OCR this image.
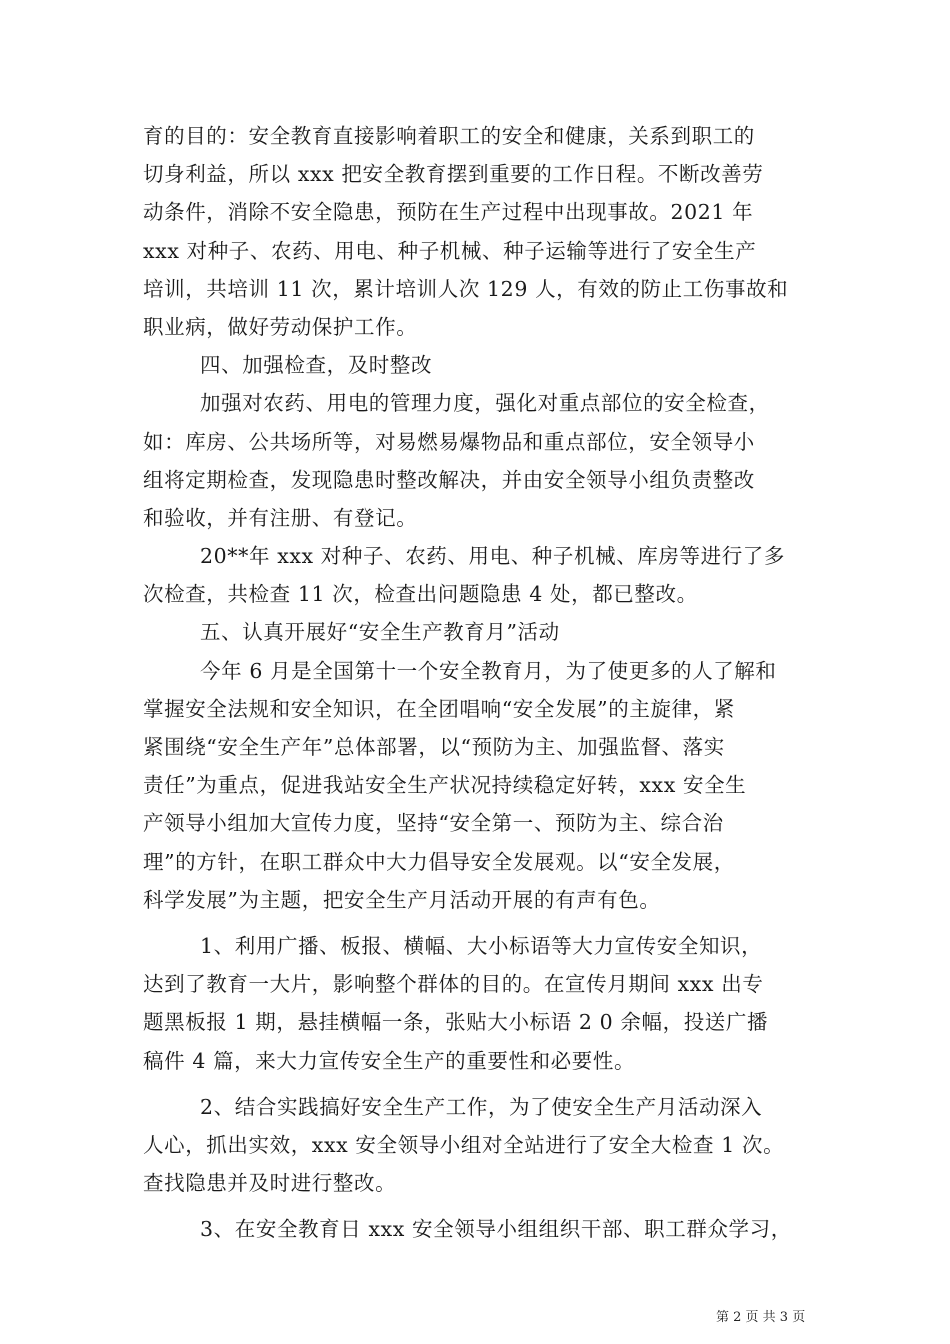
育的目的：安全教育直接影响着职工的安全和健康，关系到职工的
切身利益，所以 xxx 把安全教育摆到重要的工作日程。不断改善劳
动条件，消除不安全隐患，预防在生产过程中出现事故。2021 年
xxx 对种子、农药、用电、种子机械、种子运输等进行了安全生产
培训，共培训 11 次，累计培训人次 129 人，有效的防止工伤事故和
职业病，做好劳动保护工作。
四、加强检查，及时整改
加强对农药、用电的管理力度，强化对重点部位的安全检查，
如：库房、公共场所等，对易燃易爆物品和重点部位，安全领导小
组将定期检查，发现隐患时整改解决，并由安全领导小组负责整改
和验收，并有注册、有登记。
20**年 xxx 对种子、农药、用电、种子机械、库房等进行了多
次检查，共检查 11 次，检查出问题隐患 4 处，都已整改。
五、认真开展好“安全生产教育月”活动
今年 6 月是全国第十一个安全教育月，为了使更多的人了解和
掌握安全法规和安全知识，在全团唱响“安全发展”的主旋律，紧
紧围绕“安全生产年”总体部署，以“预防为主、加强监督、落实
责任”为重点，促进我站安全生产状况持续稳定好转，xxx 安全生
产领导小组加大宣传力度，坚持“安全第一、预防为主、综合治
理”的方针，在职工群众中大力倡导安全发展观。以“安全发展，
科学发展”为主题，把安全生产月活动开展的有声有色。
1、利用广播、板报、横幅、大小标语等大力宣传安全知识，
达到了教育一大片，影响整个群体的目的。在宣传月期间 xxx 出专
题黑板报 1 期，悬挂横幅一条，张贴大小标语 2 0 余幅，投送广播
稿件 4 篇，来大力宣传安全生产的重要性和必要性。
2、结合实践搞好安全生产工作，为了使安全生产月活动深入
人心，抓出实效，xxx 安全领导小组对全站进行了安全大检查 1 次。
查找隐患并及时进行整改。
3、在安全教育日 xxx 安全领导小组组织干部、职工群众学习，
第 2 页 共 3 页
